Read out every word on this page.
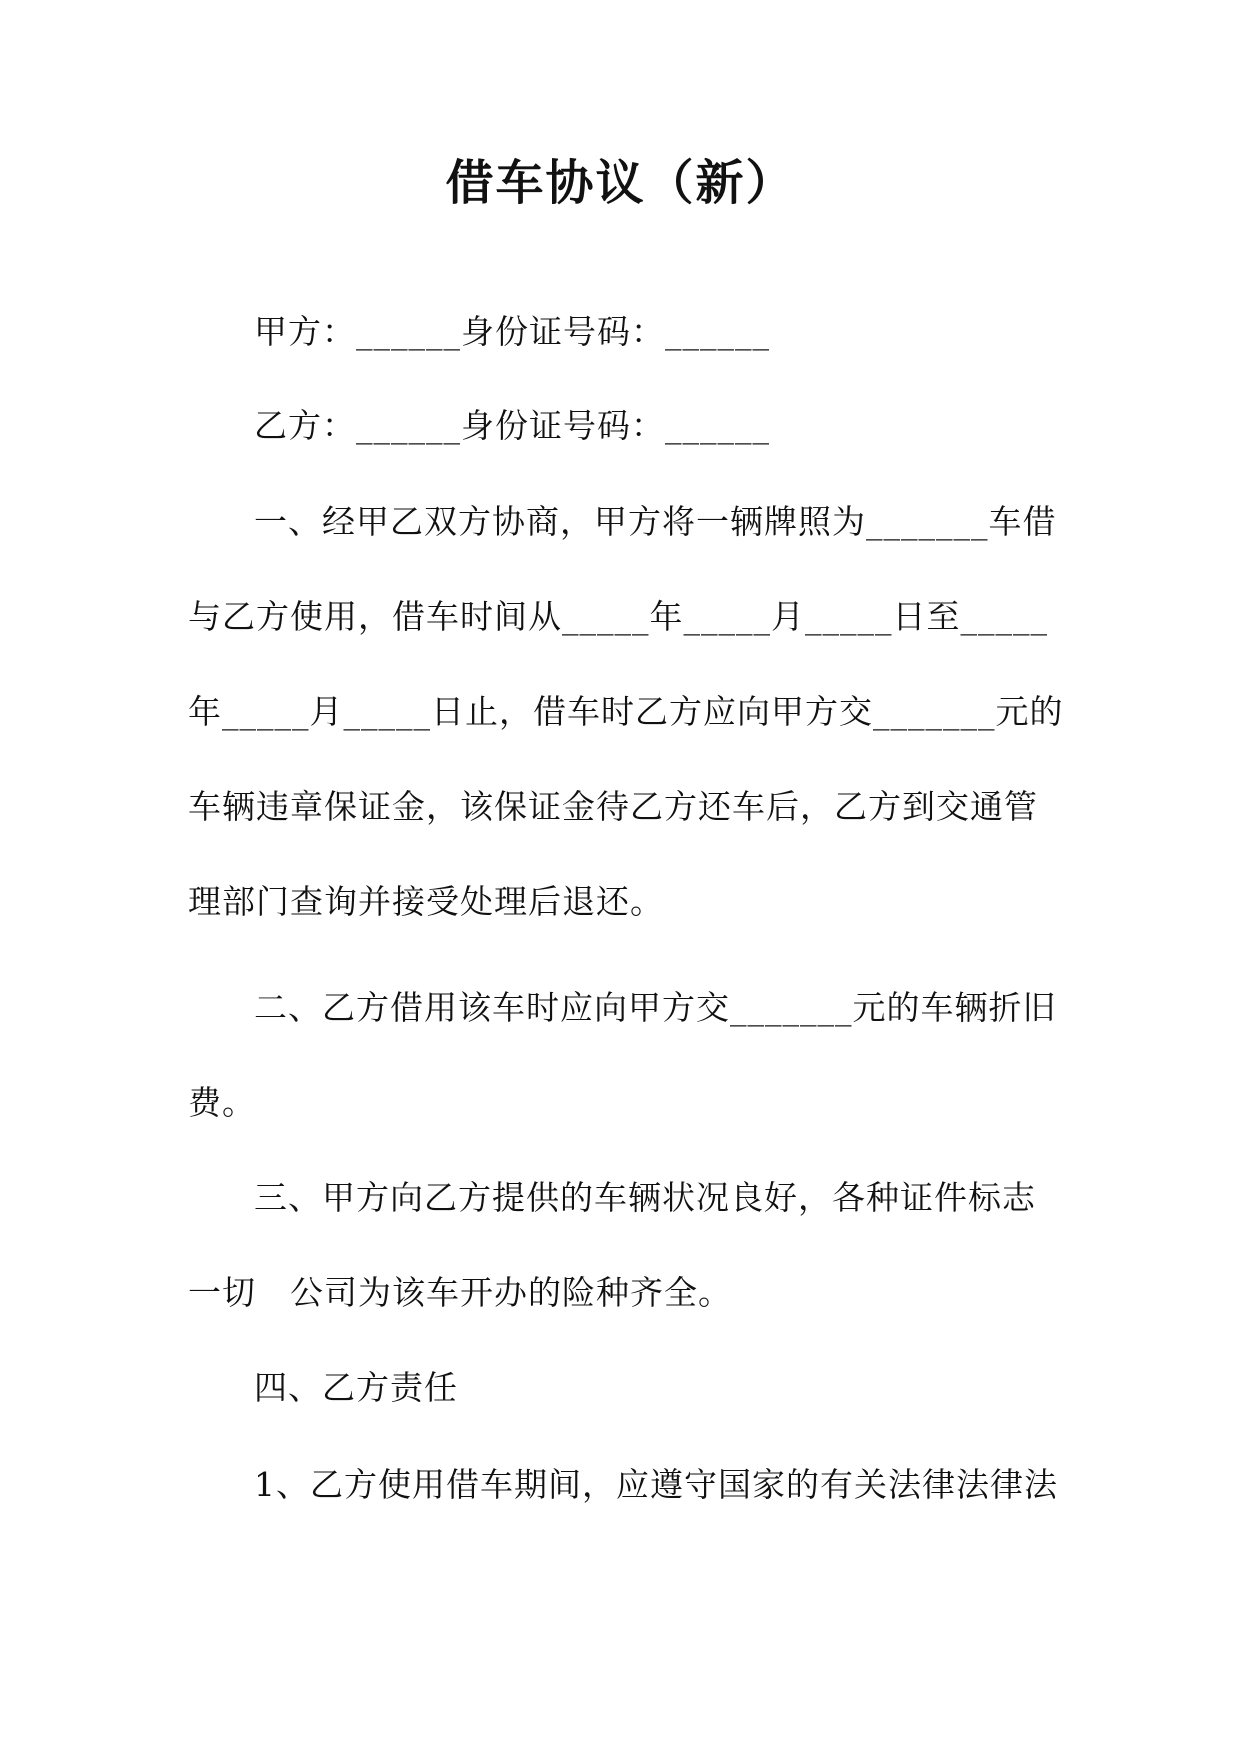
借车协议（新）
甲方：______身份证号码：______
乙方：______身份证号码：______
一、经甲乙双方协商，甲方将一辆牌照为_______车借
与乙方使用，借车时间从_____年_____月_____日至_____
年_____月_____日止，借车时乙方应向甲方交_______元的
车辆违章保证金，该保证金待乙方还车后，乙方到交通管
理部门查询并接受处理后退还。
二、乙方借用该车时应向甲方交_______元的车辆折旧
费。
三、甲方向乙方提供的车辆状况良好，各种证件标志
一切　公司为该车开办的险种齐全。
四、乙方责任
1、乙方使用借车期间，应遵守国家的有关法律法律法
